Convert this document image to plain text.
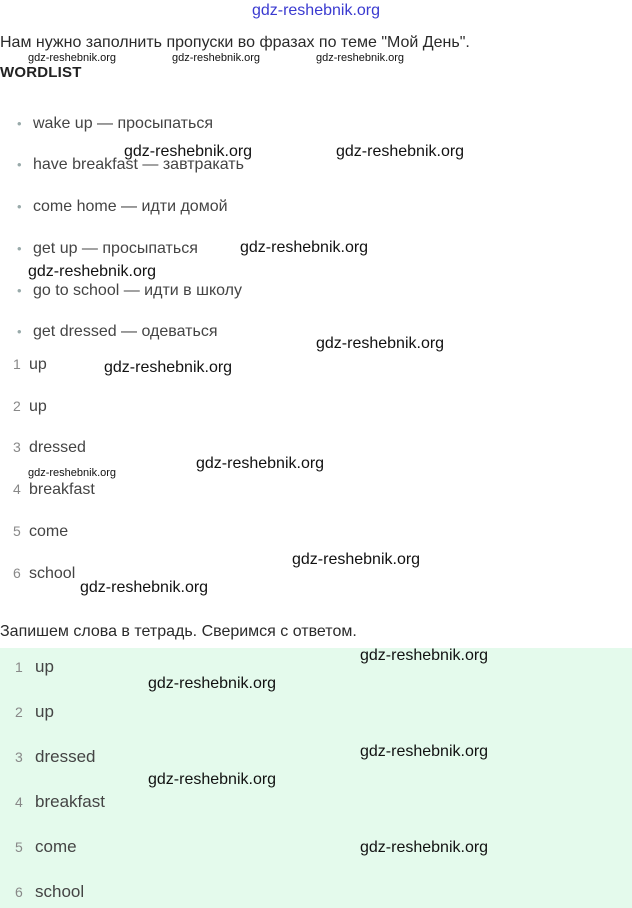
gdz-reshebnik.org
Нам нужно заполнить пропуски во фразах по теме "Мой День".
WORDLIST
• wake up — просыпаться
• have breakfast — завтракать
• come home — идти домой
• get up — просыпаться
• go to school — идти в школу
• get dressed — одеваться
1 up
2 up
3 dressed
4 breakfast
5 come
6 school
Запишем слова в тетрадь. Сверимся с ответом.
1 up
2 up
3 dressed
4 breakfast
5 come
6 school
gdz-reshebnik.org	gdz-reshebnik.org	gdz-reshebnik.org
gdz-reshebnik.org	gdz-reshebnik.org
gdz-reshebnik.org
gdz-reshebnik.org
gdz-reshebnik.org
gdz-reshebnik.org
gdz-reshebnik.org
gdz-reshebnik.org
gdz-reshebnik.org
gdz-reshebnik.org
gdz-reshebnik.org
gdz-reshebnik.org
gdz-reshebnik.org
gdz-reshebnik.org
gdz-reshebnik.org
